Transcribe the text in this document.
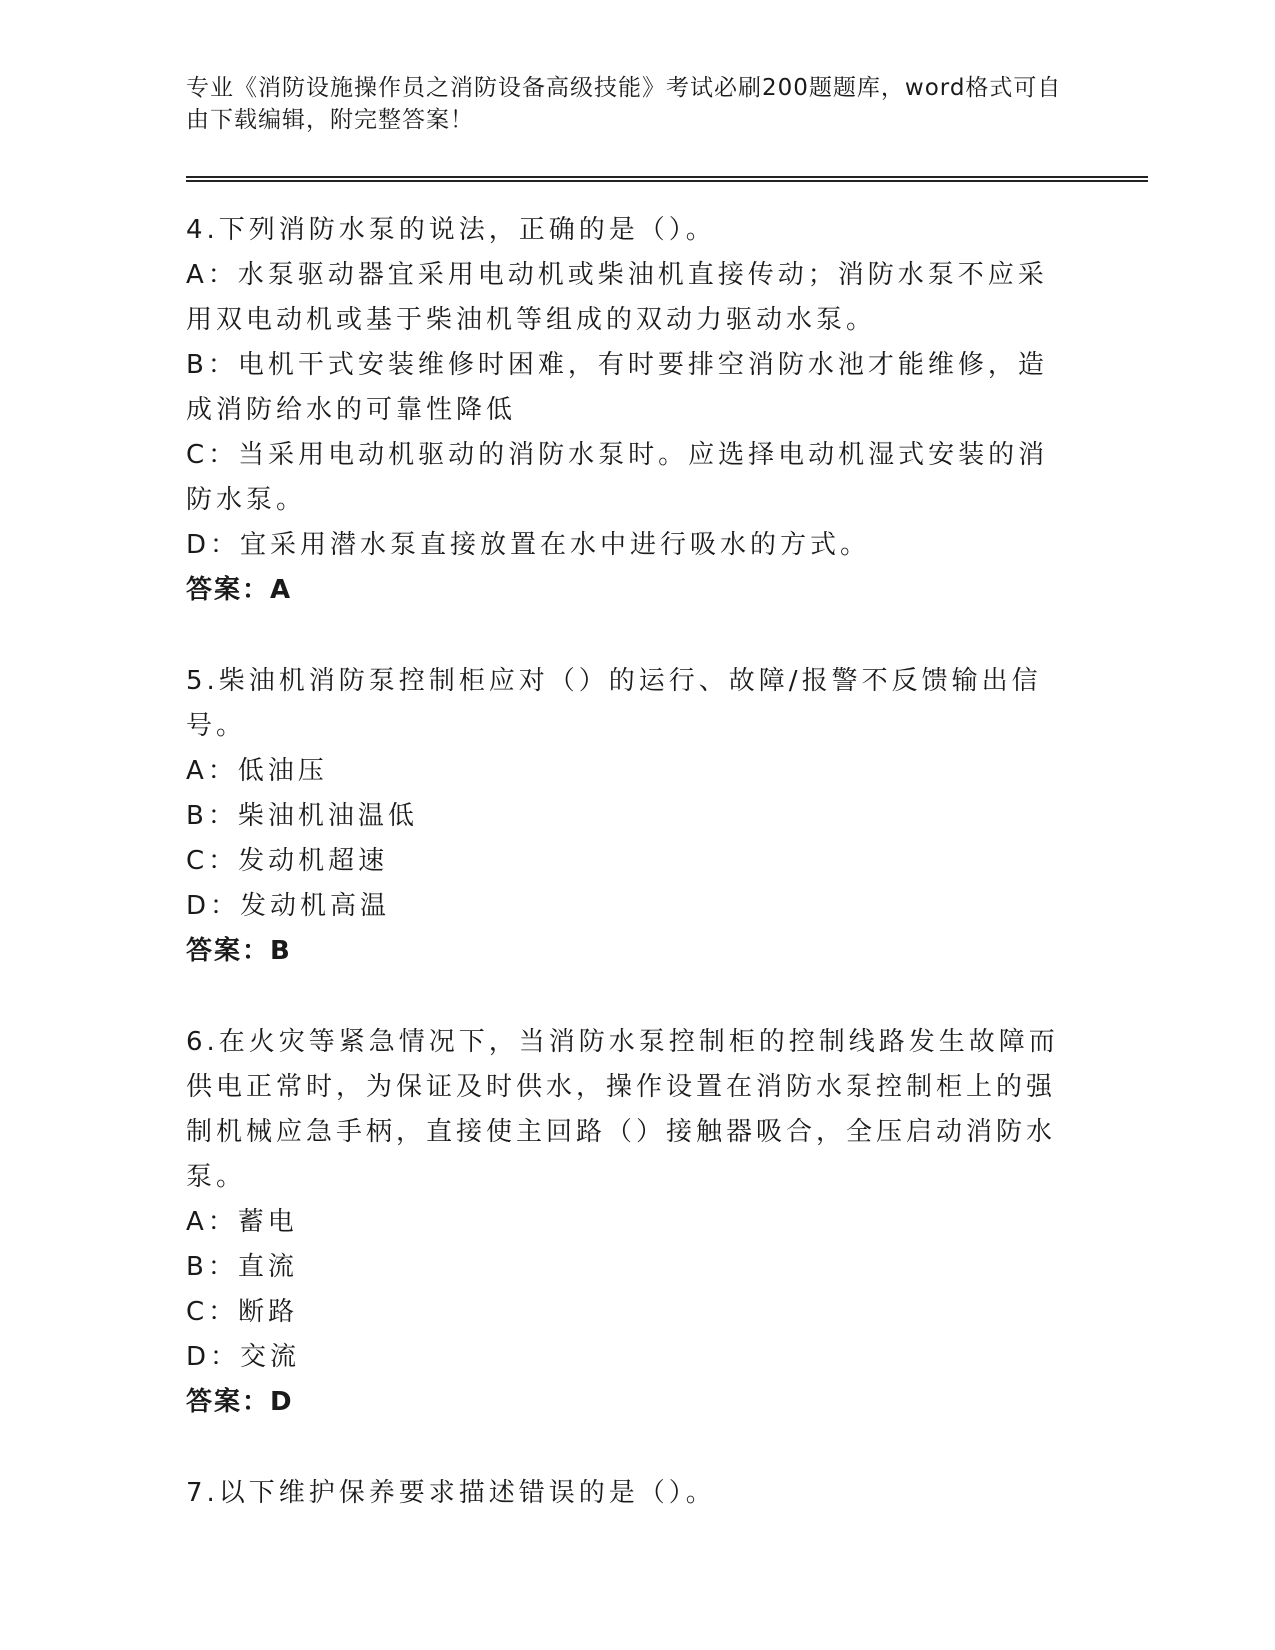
专业《消防设施操作员之消防设备高级技能》考试必刷200题题库，word格式可自由下载编辑，附完整答案！

4.下列消防水泵的说法，正确的是（）。

A：水泵驱动器宜采用电动机或柴油机直接传动；消防水泵不应采用双电动机或基于柴油机等组成的双动力驱动水泵。

B：电机干式安装维修时困难，有时要排空消防水池才能维修，造成消防给水的可靠性降低

C：当采用电动机驱动的消防水泵时。应选择电动机湿式安装的消防水泵。

D：宜采用潜水泵直接放置在水中进行吸水的方式。

答案：A

5.柴油机消防泵控制柜应对（）的运行、故障/报警不反馈输出信号。

A：低油压

B：柴油机油温低

C：发动机超速

D：发动机高温

答案：B

6.在火灾等紧急情况下，当消防水泵控制柜的控制线路发生故障而供电正常时，为保证及时供水，操作设置在消防水泵控制柜上的强制机械应急手柄，直接使主回路（）接触器吸合，全压启动消防水泵。

A：蓄电

B：直流

C：断路

D：交流

答案：D

7.以下维护保养要求描述错误的是（）。
